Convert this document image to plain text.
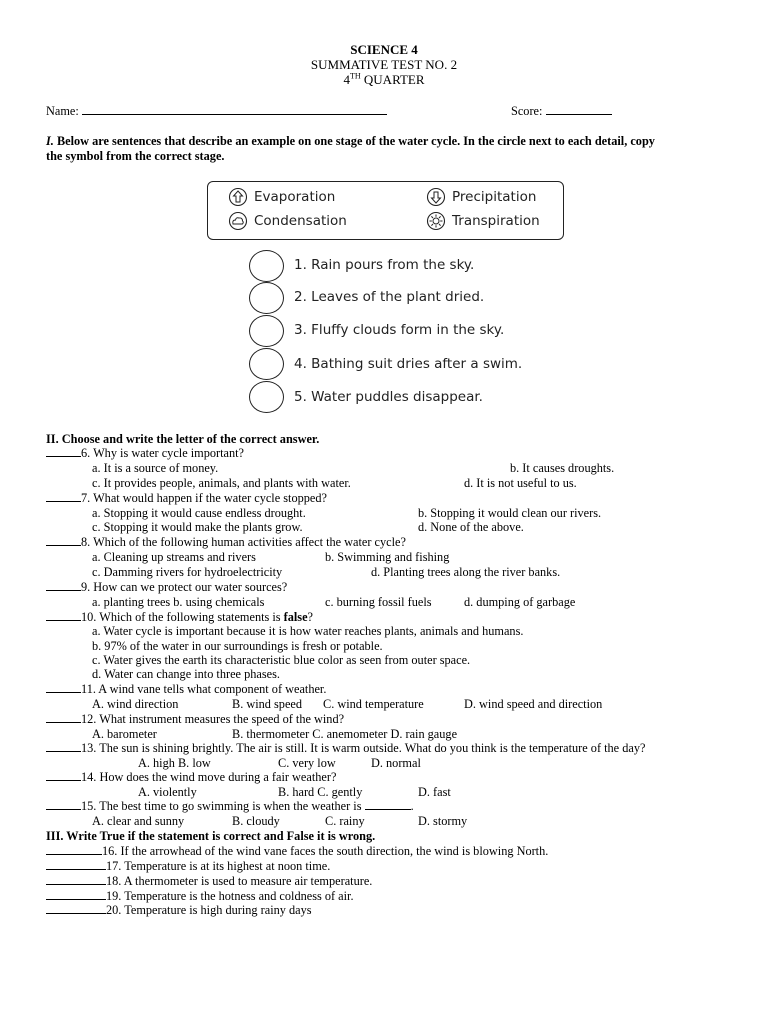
SCIENCE 4
SUMMATIVE TEST NO. 2
4TH QUARTER
Name:	Score:
I. Below are sentences that describe an example on one stage of the water cycle. In the circle next to each detail, copy
the symbol from the correct stage.
Evaporation	Precipitation
Condensation	Transpiration
1. Rain pours from the sky.
2. Leaves of the plant dried.
3. Fluffy clouds form in the sky.
4. Bathing suit dries after a swim.
5. Water puddles disappear.
II. Choose and write the letter of the correct answer.
6. Why is water cycle important?
a. It is a source of money.	b. It causes droughts.
c. It provides people, animals, and plants with water.	d. It is not useful to us.
7. What would happen if the water cycle stopped?
a. Stopping it would cause endless drought.	b. Stopping it would clean our rivers.
c. Stopping it would make the plants grow.	d. None of the above.
8. Which of the following human activities affect the water cycle?
a. Cleaning up streams and rivers	b. Swimming and fishing
c. Damming rivers for hydroelectricity	d. Planting trees along the river banks.
9. How can we protect our water sources?
a. planting trees b. using chemicals	c. burning fossil fuels	d. dumping of garbage
10. Which of the following statements is false?
a. Water cycle is important because it is how water reaches plants, animals and humans.
b. 97% of the water in our surroundings is fresh or potable.
c. Water gives the earth its characteristic blue color as seen from outer space.
d. Water can change into three phases.
11. A wind vane tells what component of weather.
A. wind direction	B. wind speed C. wind temperature	D. wind speed and direction
12. What instrument measures the speed of the wind?
A. barometer	B. thermometer C. anemometer D. rain gauge
13. The sun is shining brightly. The air is still. It is warm outside. What do you think is the temperature of the day?
A. high B. low	C. very low	D. normal
14. How does the wind move during a fair weather?
A. violently	B. hard C. gently	D. fast
15. The best time to go swimming is when the weather is	.
A. clear and sunny	B. cloudy	C. rainy	D. stormy
III. Write True if the statement is correct and False it is wrong.
16. If the arrowhead of the wind vane faces the south direction, the wind is blowing North.
17. Temperature is at its highest at noon time.
18. A thermometer is used to measure air temperature.
19. Temperature is the hotness and coldness of air.
20. Temperature is high during rainy days
